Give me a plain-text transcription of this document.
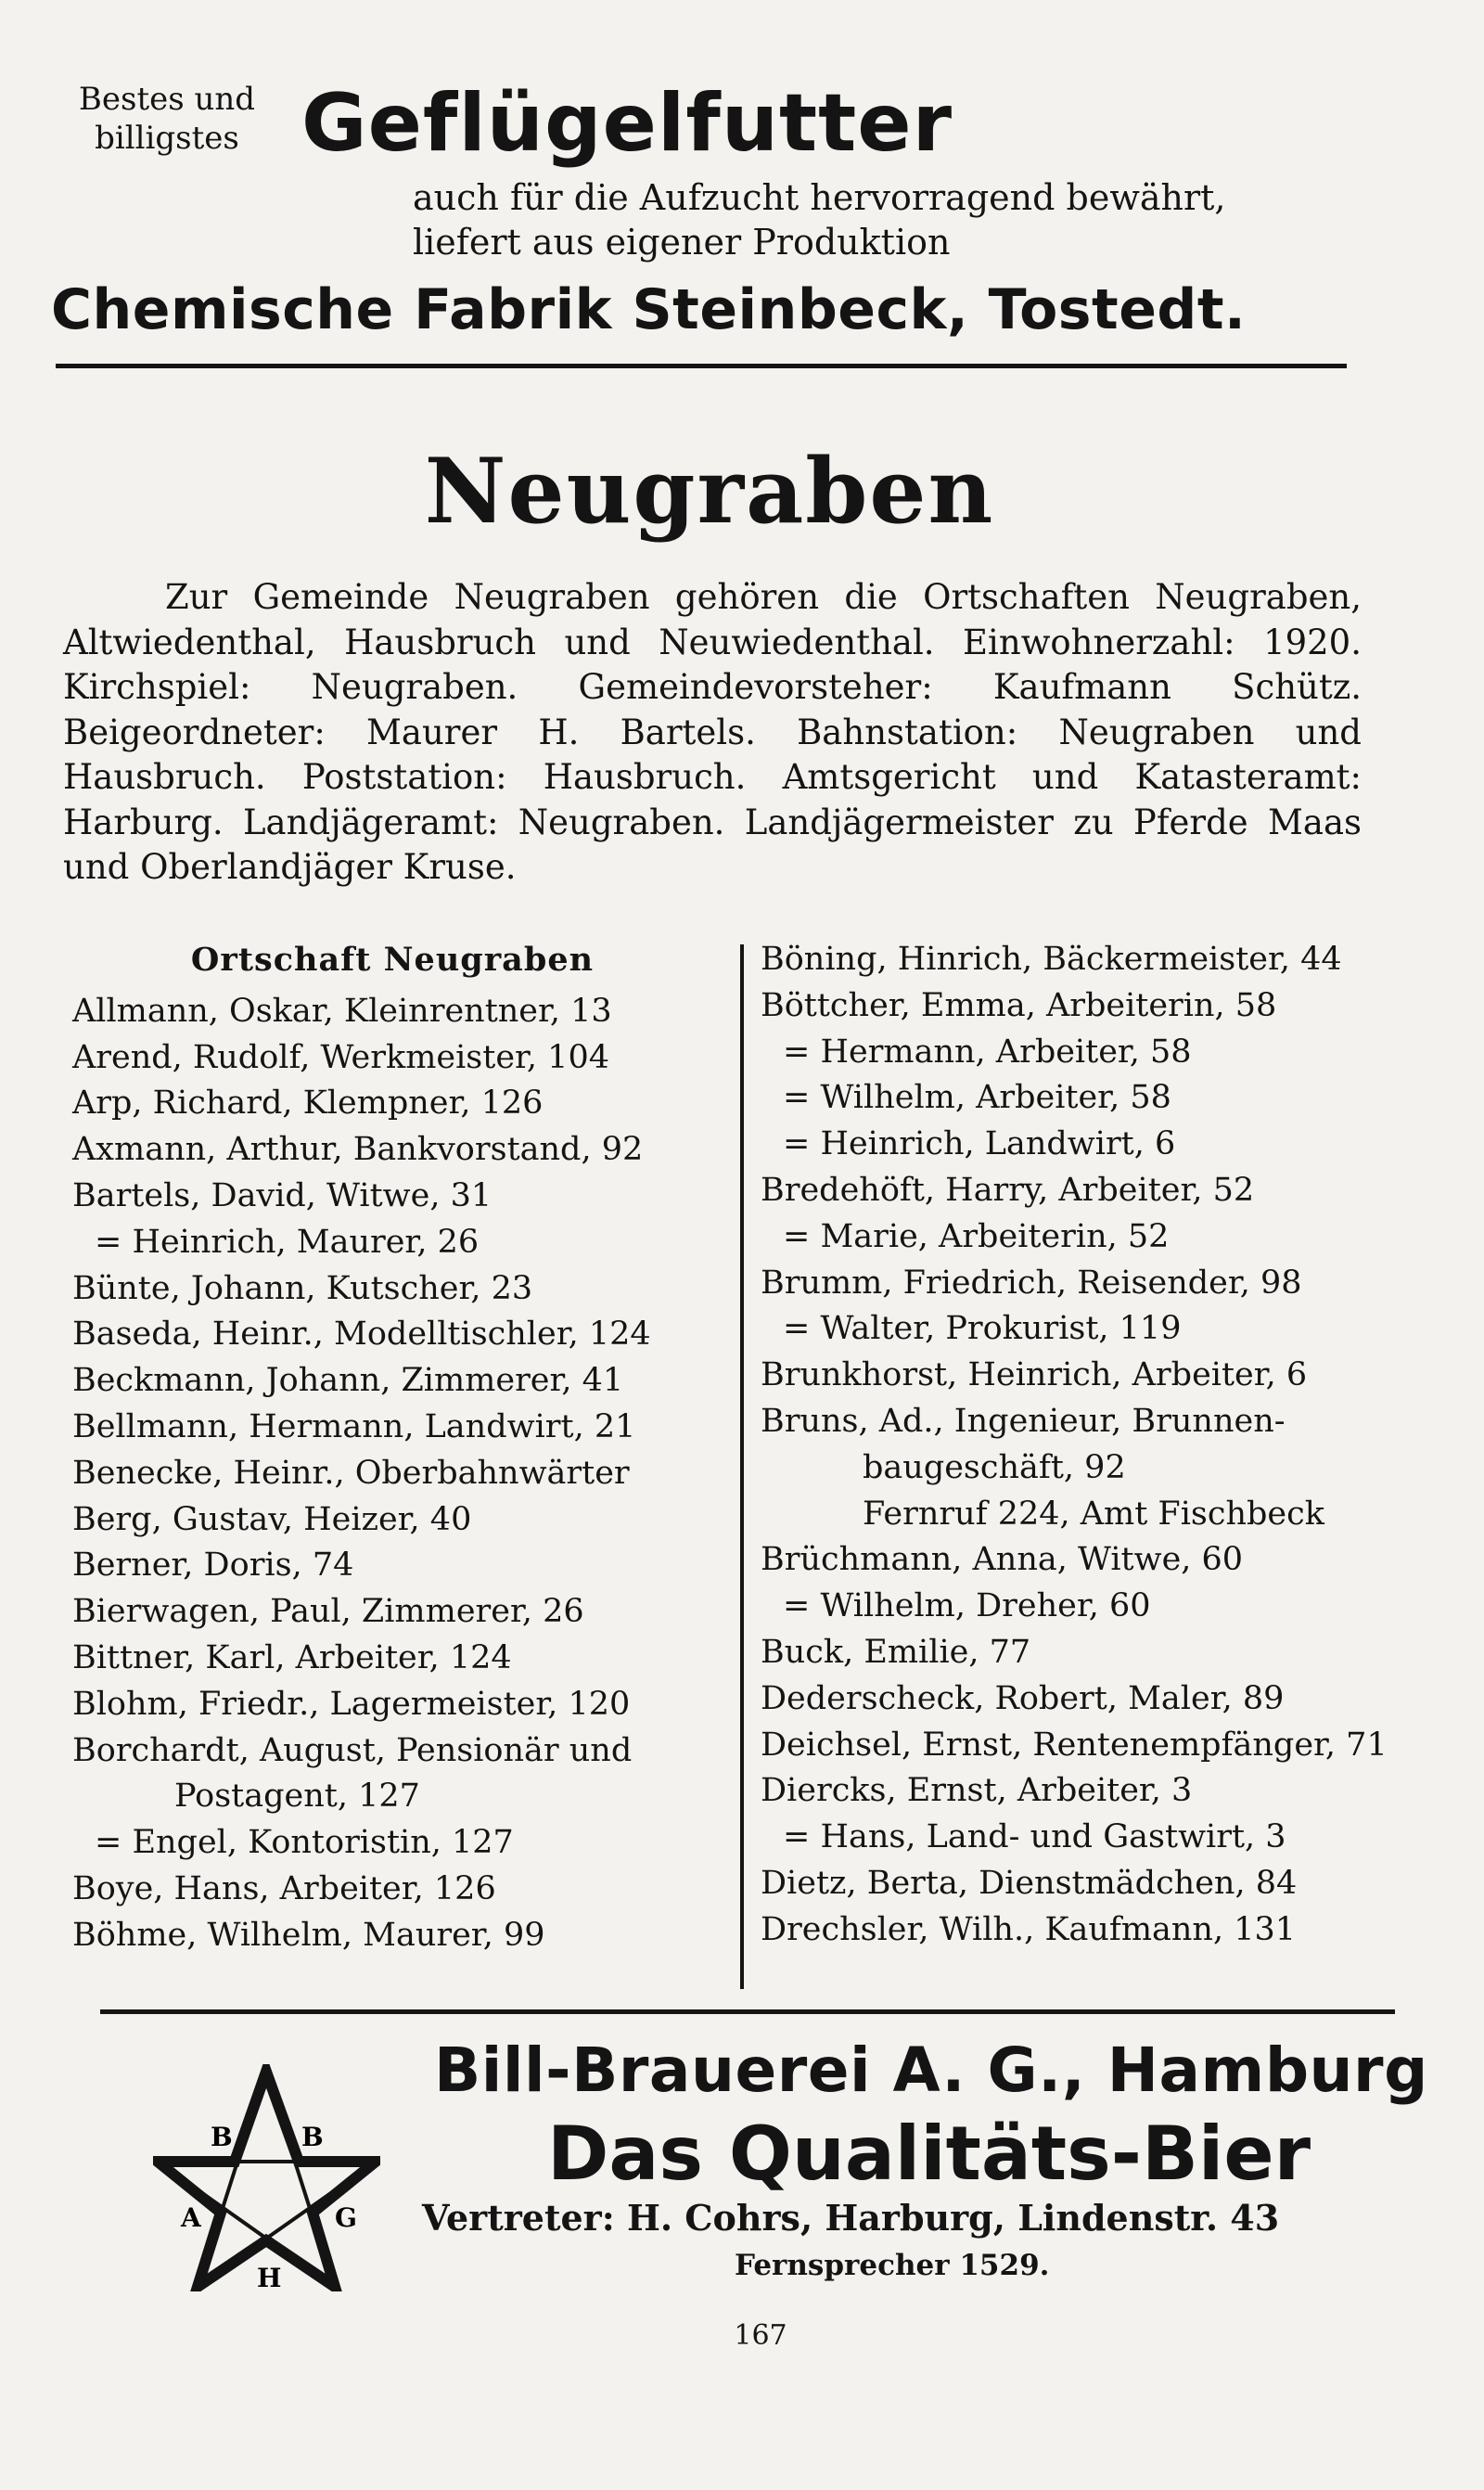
Bestes und
billigstes Geflügelfutter
auch für die Aufzucht hervorragend bewährt,
liefert aus eigener Produktion
Chemische Fabrik Steinbeck, Tostedt.
Neugraben
Zur Gemeinde Neugraben gehören die Ortschaften Neugraben, Altwiedenthal, Hausbruch und Neuwiedenthal. Einwohnerzahl: 1920. Kirchspiel: Neugraben. Gemeindevorsteher: Kaufmann Schütz. Beigeordneter: Maurer H. Bartels. Bahnstation: Neugraben und Hausbruch. Poststation: Hausbruch. Amtsgericht und Katasteramt: Harburg. Landjägeramt: Neugraben. Landjägermeister zu Pferde Maas und Oberlandjäger Kruse.
Ortschaft Neugraben
Allmann, Oskar, Kleinrentner, 13
Arend, Rudolf, Werkmeister, 104
Arp, Richard, Klempner, 126
Axmann, Arthur, Bankvorstand, 92
Bartels, David, Witwe, 31
= Heinrich, Maurer, 26
Bünte, Johann, Kutscher, 23
Baseda, Heinr., Modelltischler, 124
Beckmann, Johann, Zimmerer, 41
Bellmann, Hermann, Landwirt, 21
Benecke, Heinr., Oberbahnwärter
Berg, Gustav, Heizer, 40
Berner, Doris, 74
Bierwagen, Paul, Zimmerer, 26
Bittner, Karl, Arbeiter, 124
Blohm, Friedr., Lagermeister, 120
Borchardt, August, Pensionär und
Postagent, 127
= Engel, Kontoristin, 127
Boye, Hans, Arbeiter, 126
Böhme, Wilhelm, Maurer, 99
Böning, Hinrich, Bäckermeister, 44
Böttcher, Emma, Arbeiterin, 58
= Hermann, Arbeiter, 58
= Wilhelm, Arbeiter, 58
= Heinrich, Landwirt, 6
Bredehöft, Harry, Arbeiter, 52
= Marie, Arbeiterin, 52
Brumm, Friedrich, Reisender, 98
= Walter, Prokurist, 119
Brunkhorst, Heinrich, Arbeiter, 6
Bruns, Ad., Ingenieur, Brunnen-
baugeschäft, 92
Fernruf 224, Amt Fischbeck
Brüchmann, Anna, Witwe, 60
= Wilhelm, Dreher, 60
Buck, Emilie, 77
Dederscheck, Robert, Maler, 89
Deichsel, Ernst, Rentenempfänger, 71
Diercks, Ernst, Arbeiter, 3
= Hans, Land- und Gastwirt, 3
Dietz, Berta, Dienstmädchen, 84
Drechsler, Wilh., Kaufmann, 131
B	B
A	G
H
Bill-Brauerei A. G., Hamburg
Das Qualitäts-Bier
Vertreter: H. Cohrs, Harburg, Lindenstr. 43
Fernsprecher 1529.
167
